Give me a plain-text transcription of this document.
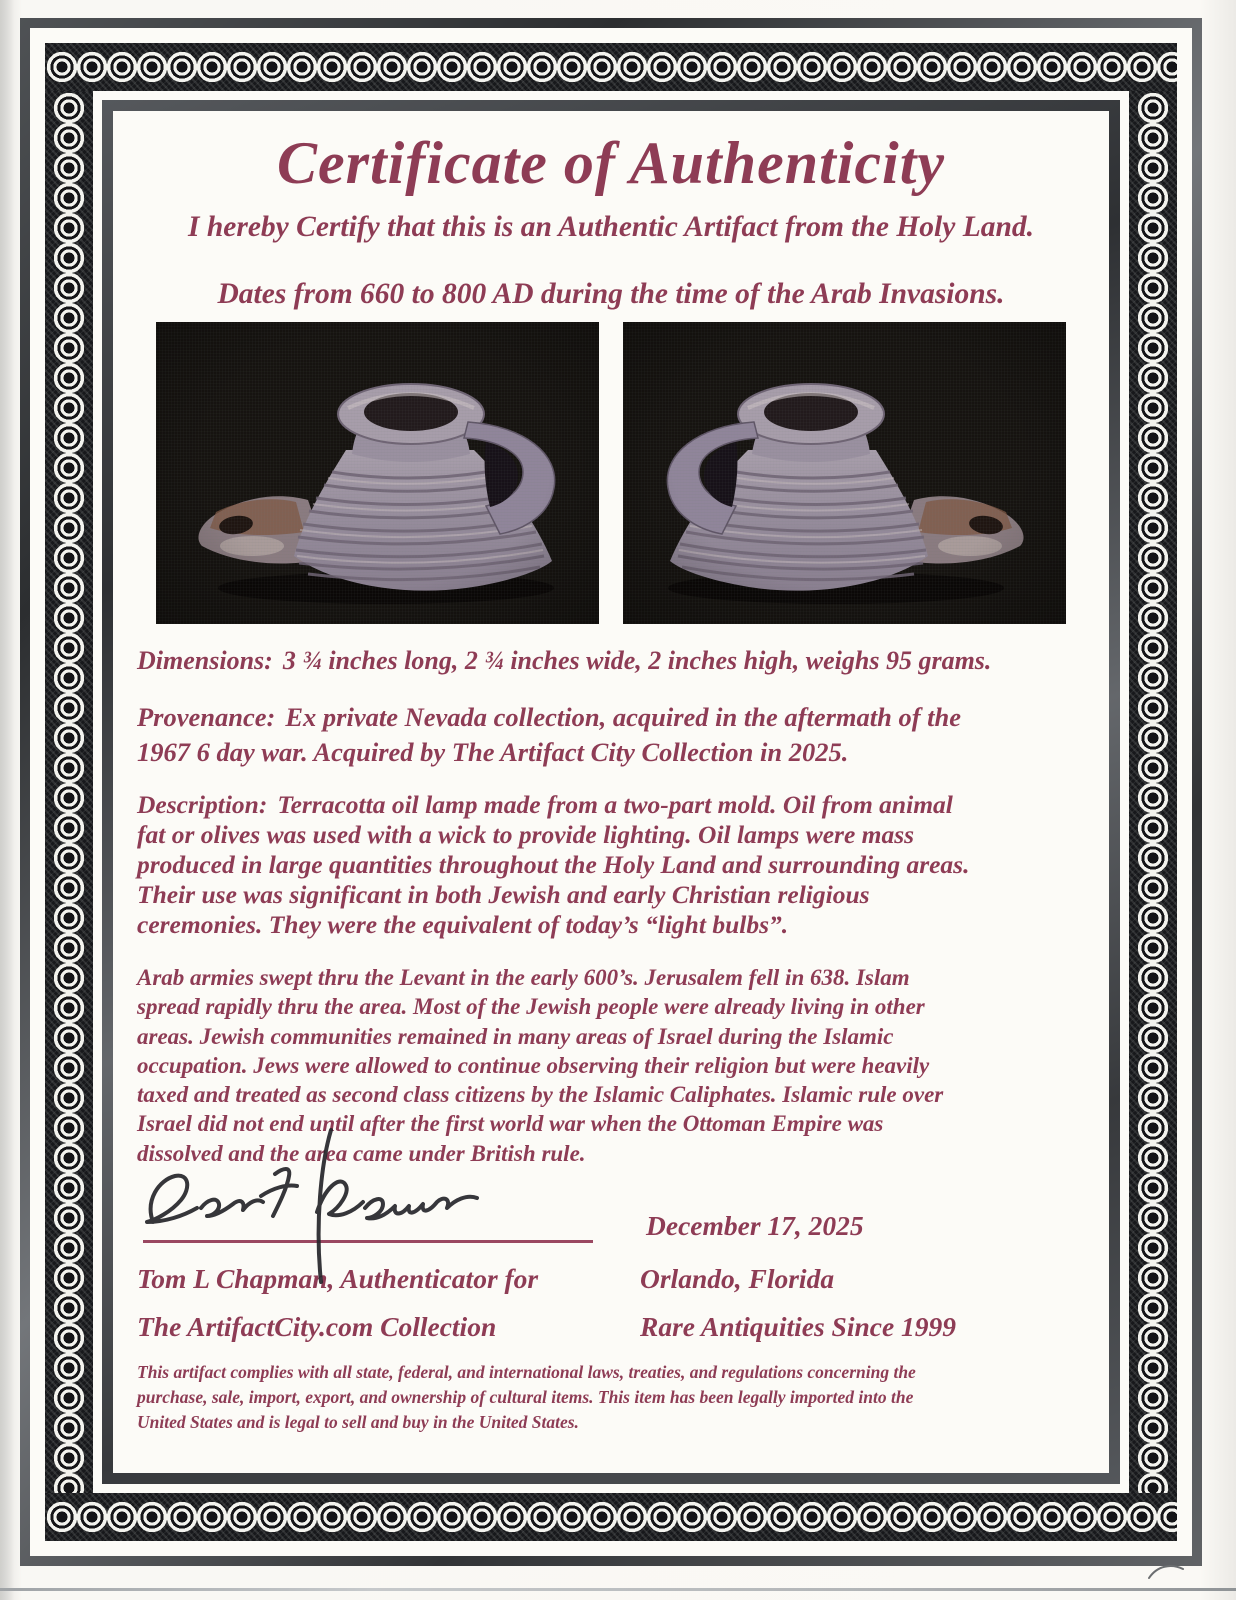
Certificate of Authenticity

I hereby Certify that this is an Authentic Artifact from the Holy Land.

Dates from 660 to 800 AD during the time of the Arab Invasions.

Dimensions: 3 ¾ inches long, 2 ¾ inches wide, 2 inches high, weighs 95 grams.
Provenance: Ex private Nevada collection, acquired in the aftermath of the
1967 6 day war. Acquired by The Artifact City Collection in 2025.
Description: Terracotta oil lamp made from a two-part mold. Oil from animal
fat or olives was used with a wick to provide lighting. Oil lamps were mass
produced in large quantities throughout the Holy Land and surrounding areas.
Their use was significant in both Jewish and early Christian religious
ceremonies. They were the equivalent of today’s “light bulbs”.
Arab armies swept thru the Levant in the early 600’s. Jerusalem fell in 638. Islam
spread rapidly thru the area. Most of the Jewish people were already living in other
areas. Jewish communities remained in many areas of Israel during the Islamic
occupation. Jews were allowed to continue observing their religion but were heavily
taxed and treated as second class citizens by the Islamic Caliphates. Islamic rule over
Israel did not end until after the first world war when the Ottoman Empire was
dissolved and the area came under British rule.
December 17, 2025
Tom L Chapman, Authenticator for	Orlando, Florida
The ArtifactCity.com Collection	Rare Antiquities Since 1999
This artifact complies with all state, federal, and international laws, treaties, and regulations concerning the
purchase, sale, import, export, and ownership of cultural items. This item has been legally imported into the
United States and is legal to sell and buy in the United States.
